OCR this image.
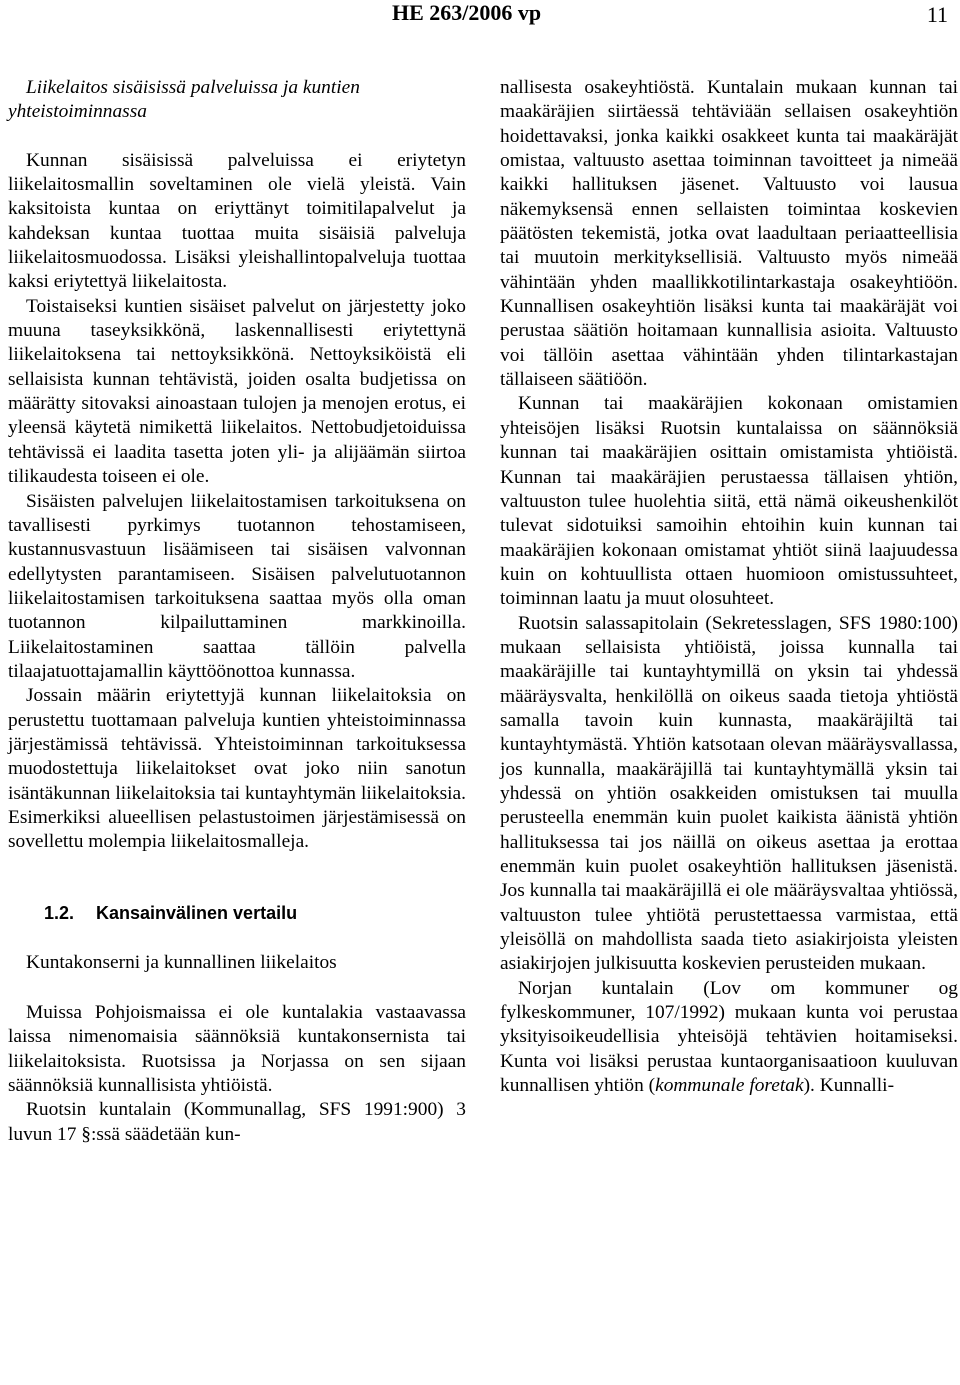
HE 263/2006 vp	11

Liikelaitos sisäisissä palveluissa ja kuntien yhteistoiminnassa

Kunnan sisäisissä palveluissa ei eriytetyn liikelaitosmallin soveltaminen ole vielä yleistä. Vain kaksitoista kuntaa on eriyttänyt toimitilapalvelut ja kahdeksan kuntaa tuottaa muita sisäisiä palveluja liikelaitosmuodossa. Lisäksi yleishallintopalveluja tuottaa kaksi eriytettyä liikelaitosta.

Toistaiseksi kuntien sisäiset palvelut on järjestetty joko muuna taseyksikkönä, laskennallisesti eriytettynä liikelaitoksena tai nettoyksikkönä. Nettoyksiköistä eli sellaisista kunnan tehtävistä, joiden osalta budjetissa on määrätty sitovaksi ainoastaan tulojen ja menojen erotus, ei yleensä käytetä nimikettä liikelaitos. Nettobudjetoiduissa tehtävissä ei laadita tasetta joten yli- ja alijäämän siirtoa tilikaudesta toiseen ei ole.

Sisäisten palvelujen liikelaitostamisen tarkoituksena on tavallisesti pyrkimys tuotannon tehostamiseen, kustannusvastuun lisäämiseen tai sisäisen valvonnan edellytysten parantamiseen. Sisäisen palvelutuotannon liikelaitostamisen tarkoituksena saattaa myös olla oman tuotannon kilpailuttaminen markkinoilla. Liikelaitostaminen saattaa tällöin palvella tilaajatuottajamallin käyttöönottoa kunnassa.

Jossain määrin eriytettyjä kunnan liikelaitoksia on perustettu tuottamaan palveluja kuntien yhteistoiminnassa järjestämissä tehtävissä. Yhteistoiminnan tarkoituksessa muodostettuja liikelaitokset ovat joko niin sanotun isäntäkunnan liikelaitoksia tai kuntayhtymän liikelaitoksia. Esimerkiksi alueellisen pelastustoimen järjestämisessä on sovellettu molempia liikelaitosmalleja.

1.2. Kansainvälinen vertailu

Kuntakonserni ja kunnallinen liikelaitos

Muissa Pohjoismaissa ei ole kuntalakia vastaavassa laissa nimenomaisia säännöksiä kuntakonsernista tai liikelaitoksista. Ruotsissa ja Norjassa on sen sijaan säännöksiä kunnallisista yhtiöistä.

Ruotsin kuntalain (Kommunallag, SFS 1991:900) 3 luvun 17 §:ssä säädetään kun-

nallisesta osakeyhtiöstä. Kuntalain mukaan kunnan tai maakäräjien siirtäessä tehtäviään sellaisen osakeyhtiön hoidettavaksi, jonka kaikki osakkeet kunta tai maakäräjät omistaa, valtuusto asettaa toiminnan tavoitteet ja nimeää kaikki hallituksen jäsenet. Valtuusto voi lausua näkemyksensä ennen sellaisten toimintaa koskevien päätösten tekemistä, jotka ovat laadultaan periaatteellisia tai muutoin merkityksellisiä. Valtuusto myös nimeää vähintään yhden maallikkotilintarkastaja osakeyhtiöön. Kunnallisen osakeyhtiön lisäksi kunta tai maakäräjät voi perustaa säätiön hoitamaan kunnallisia asioita. Valtuusto voi tällöin asettaa vähintään yhden tilintarkastajan tällaiseen säätiöön.

Kunnan tai maakäräjien kokonaan omistamien yhteisöjen lisäksi Ruotsin kuntalaissa on säännöksiä kunnan tai maakäräjien osittain omistamista yhtiöistä. Kunnan tai maakäräjien perustaessa tällaisen yhtiön, valtuuston tulee huolehtia siitä, että nämä oikeushenkilöt tulevat sidotuiksi samoihin ehtoihin kuin kunnan tai maakäräjien kokonaan omistamat yhtiöt siinä laajuudessa kuin on kohtuullista ottaen huomioon omistussuhteet, toiminnan laatu ja muut olosuhteet.

Ruotsin salassapitolain (Sekretesslagen, SFS 1980:100) mukaan sellaisista yhtiöistä, joissa kunnalla tai maakäräjille tai kuntayhtymillä on yksin tai yhdessä määräysvalta, henkilöllä on oikeus saada tietoja yhtiöstä samalla tavoin kuin kunnasta, maakäräjiltä tai kuntayhtymästä. Yhtiön katsotaan olevan määräysvallassa, jos kunnalla, maakäräjillä tai kuntayhtymällä yksin tai yhdessä on yhtiön osakkeiden omistuksen tai muulla perusteella enemmän kuin puolet kaikista äänistä yhtiön hallituksessa tai jos näillä on oikeus asettaa ja erottaa enemmän kuin puolet osakeyhtiön hallituksen jäsenistä. Jos kunnalla tai maakäräjillä ei ole määräysvaltaa yhtiössä, valtuuston tulee yhtiötä perustettaessa varmistaa, että yleisöllä on mahdollista saada tieto asiakirjoista yleisten asiakirjojen julkisuutta koskevien perusteiden mukaan.

Norjan kuntalain (Lov om kommuner og fylkeskommuner, 107/1992) mukaan kunta voi perustaa yksityisoikeudellisia yhteisöjä tehtävien hoitamiseksi. Kunta voi lisäksi perustaa kuntaorganisaatioon kuuluvan kunnallisen yhtiön (kommunale foretak). Kunnalli-
